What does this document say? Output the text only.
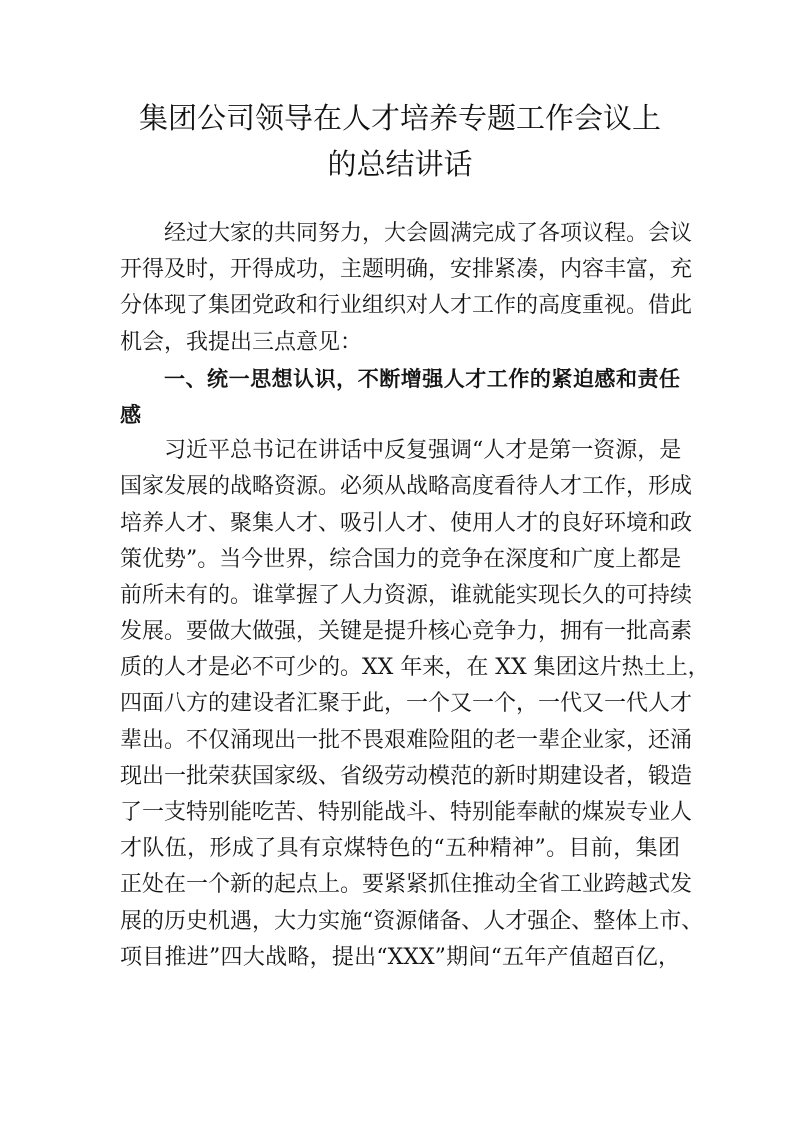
集团公司领导在人才培养专题工作会议上
的总结讲话
经过大家的共同努力，大会圆满完成了各项议程。会议
开得及时，开得成功，主题明确，安排紧凑，内容丰富，充
分体现了集团党政和行业组织对人才工作的高度重视。借此
机会，我提出三点意见：
一、统一思想认识，不断增强人才工作的紧迫感和责任
感
习近平总书记在讲话中反复强调“人才是第一资源，是
国家发展的战略资源。必须从战略高度看待人才工作，形成
培养人才、聚集人才、吸引人才、使用人才的良好环境和政
策优势”。当今世界，综合国力的竞争在深度和广度上都是
前所未有的。谁掌握了人力资源，谁就能实现长久的可持续
发展。要做大做强，关键是提升核心竞争力，拥有一批高素
质的人才是必不可少的。XX 年来，在 XX 集团这片热土上，
四面八方的建设者汇聚于此，一个又一个，一代又一代人才
辈出。不仅涌现出一批不畏艰难险阻的老一辈企业家，还涌
现出一批荣获国家级、省级劳动模范的新时期建设者，锻造
了一支特别能吃苦、特别能战斗、特别能奉献的煤炭专业人
才队伍，形成了具有京煤特色的“五种精神”。目前，集团
正处在一个新的起点上。要紧紧抓住推动全省工业跨越式发
展的历史机遇，大力实施“资源储备、人才强企、整体上市、
项目推进”四大战略，提出“XXX”期间“五年产值超百亿，
